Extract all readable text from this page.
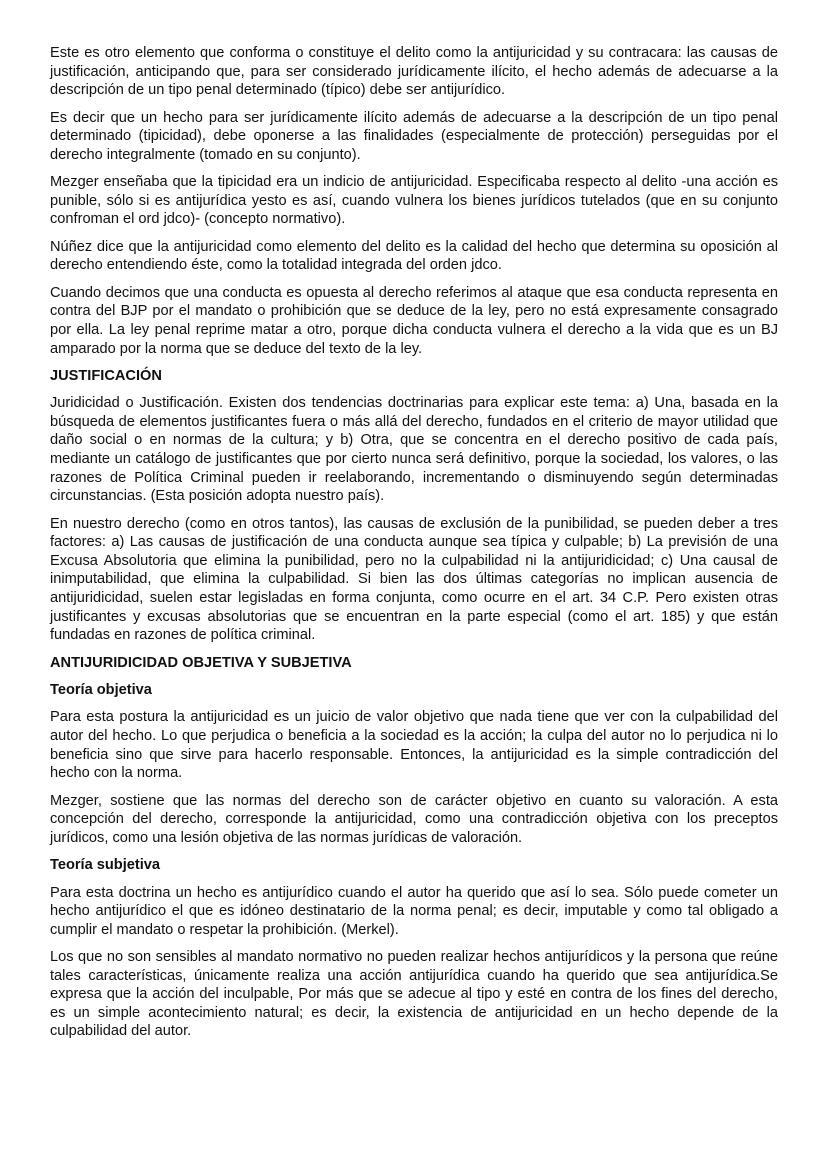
Este es otro elemento que conforma o constituye el delito como la antijuricidad y su contracara: las causas de justificación, anticipando que, para ser considerado jurídicamente ilícito, el hecho además de adecuarse a la descripción de un tipo penal determinado (típico) debe ser antijurídico.

Es decir que un hecho para ser jurídicamente ilícito además de adecuarse a la descripción de un tipo penal determinado (tipicidad), debe oponerse a las finalidades (especialmente de protección) perseguidas por el derecho integralmente (tomado en su conjunto).

Mezger enseñaba que la tipicidad era un indicio de antijuricidad. Especificaba respecto al delito -una acción es punible, sólo si es antijurídica yesto es así, cuando vulnera los bienes jurídicos tutelados (que en su conjunto confroman el ord jdco)- (concepto normativo).

Núñez dice que la antijuricidad como elemento del delito es la calidad del hecho que determina su oposición al derecho entendiendo éste, como la totalidad integrada del orden jdco.

Cuando decimos que una conducta es opuesta al derecho referimos al ataque que esa conducta representa en contra del BJP por el mandato o prohibición que se deduce de la ley, pero no está expresamente consagrado por ella. La ley penal reprime matar a otro, porque dicha conducta vulnera el derecho a la vida que es un BJ amparado por la norma que se deduce del texto de la ley.

JUSTIFICACIÓN

Juridicidad o Justificación. Existen dos tendencias doctrinarias para explicar este tema: a) Una, basada en la búsqueda de elementos justificantes fuera o más allá del derecho, fundados en el criterio de mayor utilidad que daño social o en normas de la cultura; y b) Otra, que se concentra en el derecho positivo de cada país, mediante un catálogo de justificantes que por cierto nunca será definitivo, porque la sociedad, los valores, o las razones de Política Criminal pueden ir reelaborando, incrementando o disminuyendo según determinadas circunstancias. (Esta posición adopta nuestro país).

En nuestro derecho (como en otros tantos), las causas de exclusión de la punibilidad, se pueden deber a tres factores: a) Las causas de justificación de una conducta aunque sea típica y culpable; b) La previsión de una Excusa Absolutoria que elimina la punibilidad, pero no la culpabilidad ni la antijuridicidad; c) Una causal de inimputabilidad, que elimina la culpabilidad. Si bien las dos últimas categorías no implican ausencia de antijuridicidad, suelen estar legisladas en forma conjunta, como ocurre en el art. 34 C.P. Pero existen otras justificantes y excusas absolutorias que se encuentran en la parte especial (como el art. 185) y que están fundadas en razones de política criminal.

ANTIJURIDICIDAD OBJETIVA Y SUBJETIVA
Teoría objetiva

Para esta postura la antijuricidad es un juicio de valor objetivo que nada tiene que ver con la culpabilidad del autor del hecho. Lo que perjudica o beneficia a la sociedad es la acción; la culpa del autor no lo perjudica ni lo beneficia sino que sirve para hacerlo responsable. Entonces, la antijuricidad es la simple contradicción del hecho con la norma.

Mezger, sostiene que las normas del derecho son de carácter objetivo en cuanto su valoración. A esta concepción del derecho, corresponde la antijuricidad, como una contradicción objetiva con los preceptos jurídicos, como una lesión objetiva de las normas jurídicas de valoración.

Teoría subjetiva

Para esta doctrina un hecho es antijurídico cuando el autor ha querido que así lo sea. Sólo puede cometer un hecho antijurídico el que es idóneo destinatario de la norma penal; es decir, imputable y como tal obligado a cumplir el mandato o respetar la prohibición. (Merkel).

Los que no son sensibles al mandato normativo no pueden realizar hechos antijurídicos y la persona que reúne tales características, únicamente realiza una acción antijurídica cuando ha querido que sea antijurídica.Se expresa que la acción del inculpable, Por más que se adecue al tipo y esté en contra de los fines del derecho, es un simple acontecimiento natural; es decir, la existencia de antijuricidad en un hecho depende de la culpabilidad del autor.
